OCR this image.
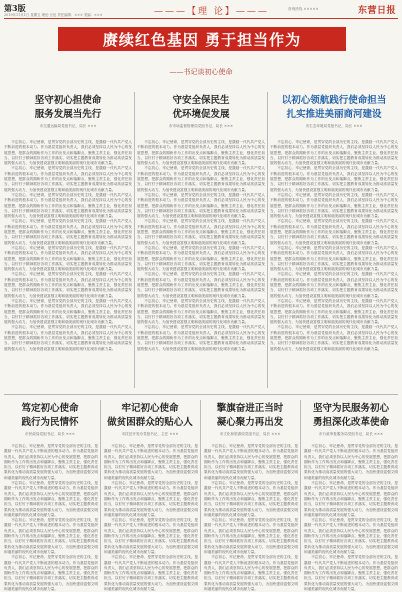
第3版
2019年11月1日 星期五 理论·言论 责任编辑：××× 美编：×××	———【理 论】———	咨询热线 ×××××	东营日报
赓续红色基因 勇于担当作为
——书记谈初心使命
坚守初心担使命
服务发展当先行
市交通运输局党组书记、局长 ×××
守安全保民生
优环境促发展
市市场监督管理局党组书记、局长 ×××
以初心领航践行使命担当
扎实推进美丽商河建设
市生态环境局党组书记、局长 ×××

不忘初心、牢记使命，是贯穿党的全部历史的主线，是激励一代代共产党人不断前进的根本动力。作为基层党组织负责人，我们必须坚持以人民为中心的发展思想，把群众的期盼作为工作的出发点和落脚点，聚焦主责主业，强化责任担当，以钉钉子精神抓好各项工作落实，切实把主题教育成果转化为推动高质量发展的强大动力，为加快建设富强文明和谐美丽的现代化城市贡献力量。

不忘初心、牢记使命，是贯穿党的全部历史的主线，是激励一代代共产党人不断前进的根本动力。作为基层党组织负责人，我们必须坚持以人民为中心的发展思想，把群众的期盼作为工作的出发点和落脚点，聚焦主责主业，强化责任担当，以钉钉子精神抓好各项工作落实，切实把主题教育成果转化为推动高质量发展的强大动力，为加快建设富强文明和谐美丽的现代化城市贡献力量。

不忘初心、牢记使命，是贯穿党的全部历史的主线，是激励一代代共产党人不断前进的根本动力。作为基层党组织负责人，我们必须坚持以人民为中心的发展思想，把群众的期盼作为工作的出发点和落脚点，聚焦主责主业，强化责任担当，以钉钉子精神抓好各项工作落实，切实把主题教育成果转化为推动高质量发展的强大动力，为加快建设富强文明和谐美丽的现代化城市贡献力量。

不忘初心、牢记使命，是贯穿党的全部历史的主线，是激励一代代共产党人不断前进的根本动力。作为基层党组织负责人，我们必须坚持以人民为中心的发展思想，把群众的期盼作为工作的出发点和落脚点，聚焦主责主业，强化责任担当，以钉钉子精神抓好各项工作落实，切实把主题教育成果转化为推动高质量发展的强大动力，为加快建设富强文明和谐美丽的现代化城市贡献力量。

不忘初心、牢记使命，是贯穿党的全部历史的主线，是激励一代代共产党人不断前进的根本动力。作为基层党组织负责人，我们必须坚持以人民为中心的发展思想，把群众的期盼作为工作的出发点和落脚点，聚焦主责主业，强化责任担当，以钉钉子精神抓好各项工作落实，切实把主题教育成果转化为推动高质量发展的强大动力，为加快建设富强文明和谐美丽的现代化城市贡献力量。

不忘初心、牢记使命，是贯穿党的全部历史的主线，是激励一代代共产党人不断前进的根本动力。作为基层党组织负责人，我们必须坚持以人民为中心的发展思想，把群众的期盼作为工作的出发点和落脚点，聚焦主责主业，强化责任担当，以钉钉子精神抓好各项工作落实，切实把主题教育成果转化为推动高质量发展的强大动力，为加快建设富强文明和谐美丽的现代化城市贡献力量。

不忘初心、牢记使命，是贯穿党的全部历史的主线，是激励一代代共产党人不断前进的根本动力。作为基层党组织负责人，我们必须坚持以人民为中心的发展思想，把群众的期盼作为工作的出发点和落脚点，聚焦主责主业，强化责任担当，以钉钉子精神抓好各项工作落实，切实把主题教育成果转化为推动高质量发展的强大动力，为加快建设富强文明和谐美丽的现代化城市贡献力量。

不忘初心、牢记使命，是贯穿党的全部历史的主线，是激励一代代共产党人不断前进的根本动力。作为基层党组织负责人，我们必须坚持以人民为中心的发展思想，把群众的期盼作为工作的出发点和落脚点，聚焦主责主业，强化责任担当，以钉钉子精神抓好各项工作落实，切实把主题教育成果转化为推动高质量发展的强大动力，为加快建设富强文明和谐美丽的现代化城市贡献力量。

不忘初心、牢记使命，是贯穿党的全部历史的主线，是激励一代代共产党人不断前进的根本动力。作为基层党组织负责人，我们必须坚持以人民为中心的发展思想，把群众的期盼作为工作的出发点和落脚点，聚焦主责主业，强化责任担当，以钉钉子精神抓好各项工作落实，切实把主题教育成果转化为推动高质量发展的强大动力，为加快建设富强文明和谐美丽的现代化城市贡献力量。

不忘初心、牢记使命，是贯穿党的全部历史的主线，是激励一代代共产党人不断前进的根本动力。作为基层党组织负责人，我们必须坚持以人民为中心的发展思想，把群众的期盼作为工作的出发点和落脚点，聚焦主责主业，强化责任担当，以钉钉子精神抓好各项工作落实，切实把主题教育成果转化为推动高质量发展的强大动力，为加快建设富强文明和谐美丽的现代化城市贡献力量。

不忘初心、牢记使命，是贯穿党的全部历史的主线，是激励一代代共产党人不断前进的根本动力。作为基层党组织负责人，我们必须坚持以人民为中心的发展思想，把群众的期盼作为工作的出发点和落脚点，聚焦主责主业，强化责任担当，以钉钉子精神抓好各项工作落实，切实把主题教育成果转化为推动高质量发展的强大动力，为加快建设富强文明和谐美丽的现代化城市贡献力量。

不忘初心、牢记使命，是贯穿党的全部历史的主线，是激励一代代共产党人不断前进的根本动力。作为基层党组织负责人，我们必须坚持以人民为中心的发展思想，把群众的期盼作为工作的出发点和落脚点，聚焦主责主业，强化责任担当，以钉钉子精神抓好各项工作落实，切实把主题教育成果转化为推动高质量发展的强大动力，为加快建设富强文明和谐美丽的现代化城市贡献力量。

不忘初心、牢记使命，是贯穿党的全部历史的主线，是激励一代代共产党人不断前进的根本动力。作为基层党组织负责人，我们必须坚持以人民为中心的发展思想，把群众的期盼作为工作的出发点和落脚点，聚焦主责主业，强化责任担当，以钉钉子精神抓好各项工作落实，切实把主题教育成果转化为推动高质量发展的强大动力，为加快建设富强文明和谐美丽的现代化城市贡献力量。

不忘初心、牢记使命，是贯穿党的全部历史的主线，是激励一代代共产党人不断前进的根本动力。作为基层党组织负责人，我们必须坚持以人民为中心的发展思想，把群众的期盼作为工作的出发点和落脚点，聚焦主责主业，强化责任担当，以钉钉子精神抓好各项工作落实，切实把主题教育成果转化为推动高质量发展的强大动力，为加快建设富强文明和谐美丽的现代化城市贡献力量。

不忘初心、牢记使命，是贯穿党的全部历史的主线，是激励一代代共产党人不断前进的根本动力。作为基层党组织负责人，我们必须坚持以人民为中心的发展思想，把群众的期盼作为工作的出发点和落脚点，聚焦主责主业，强化责任担当，以钉钉子精神抓好各项工作落实，切实把主题教育成果转化为推动高质量发展的强大动力，为加快建设富强文明和谐美丽的现代化城市贡献力量。

不忘初心、牢记使命，是贯穿党的全部历史的主线，是激励一代代共产党人不断前进的根本动力。作为基层党组织负责人，我们必须坚持以人民为中心的发展思想，把群众的期盼作为工作的出发点和落脚点，聚焦主责主业，强化责任担当，以钉钉子精神抓好各项工作落实，切实把主题教育成果转化为推动高质量发展的强大动力，为加快建设富强文明和谐美丽的现代化城市贡献力量。

不忘初心、牢记使命，是贯穿党的全部历史的主线，是激励一代代共产党人不断前进的根本动力。作为基层党组织负责人，我们必须坚持以人民为中心的发展思想，把群众的期盼作为工作的出发点和落脚点，聚焦主责主业，强化责任担当，以钉钉子精神抓好各项工作落实，切实把主题教育成果转化为推动高质量发展的强大动力，为加快建设富强文明和谐美丽的现代化城市贡献力量。

不忘初心、牢记使命，是贯穿党的全部历史的主线，是激励一代代共产党人不断前进的根本动力。作为基层党组织负责人，我们必须坚持以人民为中心的发展思想，把群众的期盼作为工作的出发点和落脚点，聚焦主责主业，强化责任担当，以钉钉子精神抓好各项工作落实，切实把主题教育成果转化为推动高质量发展的强大动力，为加快建设富强文明和谐美丽的现代化城市贡献力量。

不忘初心、牢记使命，是贯穿党的全部历史的主线，是激励一代代共产党人不断前进的根本动力。作为基层党组织负责人，我们必须坚持以人民为中心的发展思想，把群众的期盼作为工作的出发点和落脚点，聚焦主责主业，强化责任担当，以钉钉子精神抓好各项工作落实，切实把主题教育成果转化为推动高质量发展的强大动力，为加快建设富强文明和谐美丽的现代化城市贡献力量。

不忘初心、牢记使命，是贯穿党的全部历史的主线，是激励一代代共产党人不断前进的根本动力。作为基层党组织负责人，我们必须坚持以人民为中心的发展思想，把群众的期盼作为工作的出发点和落脚点，聚焦主责主业，强化责任担当，以钉钉子精神抓好各项工作落实，切实把主题教育成果转化为推动高质量发展的强大动力，为加快建设富强文明和谐美丽的现代化城市贡献力量。

不忘初心、牢记使命，是贯穿党的全部历史的主线，是激励一代代共产党人不断前进的根本动力。作为基层党组织负责人，我们必须坚持以人民为中心的发展思想，把群众的期盼作为工作的出发点和落脚点，聚焦主责主业，强化责任担当，以钉钉子精神抓好各项工作落实，切实把主题教育成果转化为推动高质量发展的强大动力，为加快建设富强文明和谐美丽的现代化城市贡献力量。

不忘初心、牢记使命，是贯穿党的全部历史的主线，是激励一代代共产党人不断前进的根本动力。作为基层党组织负责人，我们必须坚持以人民为中心的发展思想，把群众的期盼作为工作的出发点和落脚点，聚焦主责主业，强化责任担当，以钉钉子精神抓好各项工作落实，切实把主题教育成果转化为推动高质量发展的强大动力，为加快建设富强文明和谐美丽的现代化城市贡献力量。

不忘初心、牢记使命，是贯穿党的全部历史的主线，是激励一代代共产党人不断前进的根本动力。作为基层党组织负责人，我们必须坚持以人民为中心的发展思想，把群众的期盼作为工作的出发点和落脚点，聚焦主责主业，强化责任担当，以钉钉子精神抓好各项工作落实，切实把主题教育成果转化为推动高质量发展的强大动力，为加快建设富强文明和谐美丽的现代化城市贡献力量。

不忘初心、牢记使命，是贯穿党的全部历史的主线，是激励一代代共产党人不断前进的根本动力。作为基层党组织负责人，我们必须坚持以人民为中心的发展思想，把群众的期盼作为工作的出发点和落脚点，聚焦主责主业，强化责任担当，以钉钉子精神抓好各项工作落实，切实把主题教育成果转化为推动高质量发展的强大动力，为加快建设富强文明和谐美丽的现代化城市贡献力量。

笃定初心使命
践行为民情怀
市民政局党组书记、局长 ×××
牢记初心使命
做贫困群众的贴心人
市扶贫开发办党组书记、主任 ×××
擎旗奋进正当时
凝心聚力再出发
市文化和旅游局党组书记、局长 ×××
坚守为民服务初心
勇担深化改革使命
市行政审批服务局党组书记、局长 ×××

不忘初心、牢记使命，是贯穿党的全部历史的主线，是激励一代代共产党人不断前进的根本动力。作为基层党组织负责人，我们必须坚持以人民为中心的发展思想，把群众的期盼作为工作的出发点和落脚点，聚焦主责主业，强化责任担当，以钉钉子精神抓好各项工作落实，切实把主题教育成果转化为推动高质量发展的强大动力，为加快建设富强文明和谐美丽的现代化城市贡献力量。

不忘初心、牢记使命，是贯穿党的全部历史的主线，是激励一代代共产党人不断前进的根本动力。作为基层党组织负责人，我们必须坚持以人民为中心的发展思想，把群众的期盼作为工作的出发点和落脚点，聚焦主责主业，强化责任担当，以钉钉子精神抓好各项工作落实，切实把主题教育成果转化为推动高质量发展的强大动力，为加快建设富强文明和谐美丽的现代化城市贡献力量。

不忘初心、牢记使命，是贯穿党的全部历史的主线，是激励一代代共产党人不断前进的根本动力。作为基层党组织负责人，我们必须坚持以人民为中心的发展思想，把群众的期盼作为工作的出发点和落脚点，聚焦主责主业，强化责任担当，以钉钉子精神抓好各项工作落实，切实把主题教育成果转化为推动高质量发展的强大动力，为加快建设富强文明和谐美丽的现代化城市贡献力量。

不忘初心、牢记使命，是贯穿党的全部历史的主线，是激励一代代共产党人不断前进的根本动力。作为基层党组织负责人，我们必须坚持以人民为中心的发展思想，把群众的期盼作为工作的出发点和落脚点，聚焦主责主业，强化责任担当，以钉钉子精神抓好各项工作落实，切实把主题教育成果转化为推动高质量发展的强大动力，为加快建设富强文明和谐美丽的现代化城市贡献力量。

不忘初心、牢记使命，是贯穿党的全部历史的主线，是激励一代代共产党人不断前进的根本动力。作为基层党组织负责人，我们必须坚持以人民为中心的发展思想，把群众的期盼作为工作的出发点和落脚点，聚焦主责主业，强化责任担当，以钉钉子精神抓好各项工作落实，切实把主题教育成果转化为推动高质量发展的强大动力，为加快建设富强文明和谐美丽的现代化城市贡献力量。

不忘初心、牢记使命，是贯穿党的全部历史的主线，是激励一代代共产党人不断前进的根本动力。作为基层党组织负责人，我们必须坚持以人民为中心的发展思想，把群众的期盼作为工作的出发点和落脚点，聚焦主责主业，强化责任担当，以钉钉子精神抓好各项工作落实，切实把主题教育成果转化为推动高质量发展的强大动力，为加快建设富强文明和谐美丽的现代化城市贡献力量。

不忘初心、牢记使命，是贯穿党的全部历史的主线，是激励一代代共产党人不断前进的根本动力。作为基层党组织负责人，我们必须坚持以人民为中心的发展思想，把群众的期盼作为工作的出发点和落脚点，聚焦主责主业，强化责任担当，以钉钉子精神抓好各项工作落实，切实把主题教育成果转化为推动高质量发展的强大动力，为加快建设富强文明和谐美丽的现代化城市贡献力量。

不忘初心、牢记使命，是贯穿党的全部历史的主线，是激励一代代共产党人不断前进的根本动力。作为基层党组织负责人，我们必须坚持以人民为中心的发展思想，把群众的期盼作为工作的出发点和落脚点，聚焦主责主业，强化责任担当，以钉钉子精神抓好各项工作落实，切实把主题教育成果转化为推动高质量发展的强大动力，为加快建设富强文明和谐美丽的现代化城市贡献力量。

不忘初心、牢记使命，是贯穿党的全部历史的主线，是激励一代代共产党人不断前进的根本动力。作为基层党组织负责人，我们必须坚持以人民为中心的发展思想，把群众的期盼作为工作的出发点和落脚点，聚焦主责主业，强化责任担当，以钉钉子精神抓好各项工作落实，切实把主题教育成果转化为推动高质量发展的强大动力，为加快建设富强文明和谐美丽的现代化城市贡献力量。

不忘初心、牢记使命，是贯穿党的全部历史的主线，是激励一代代共产党人不断前进的根本动力。作为基层党组织负责人，我们必须坚持以人民为中心的发展思想，把群众的期盼作为工作的出发点和落脚点，聚焦主责主业，强化责任担当，以钉钉子精神抓好各项工作落实，切实把主题教育成果转化为推动高质量发展的强大动力，为加快建设富强文明和谐美丽的现代化城市贡献力量。

不忘初心、牢记使命，是贯穿党的全部历史的主线，是激励一代代共产党人不断前进的根本动力。作为基层党组织负责人，我们必须坚持以人民为中心的发展思想，把群众的期盼作为工作的出发点和落脚点，聚焦主责主业，强化责任担当，以钉钉子精神抓好各项工作落实，切实把主题教育成果转化为推动高质量发展的强大动力，为加快建设富强文明和谐美丽的现代化城市贡献力量。

不忘初心、牢记使命，是贯穿党的全部历史的主线，是激励一代代共产党人不断前进的根本动力。作为基层党组织负责人，我们必须坚持以人民为中心的发展思想，把群众的期盼作为工作的出发点和落脚点，聚焦主责主业，强化责任担当，以钉钉子精神抓好各项工作落实，切实把主题教育成果转化为推动高质量发展的强大动力，为加快建设富强文明和谐美丽的现代化城市贡献力量。

不忘初心、牢记使命，是贯穿党的全部历史的主线，是激励一代代共产党人不断前进的根本动力。作为基层党组织负责人，我们必须坚持以人民为中心的发展思想，把群众的期盼作为工作的出发点和落脚点，聚焦主责主业，强化责任担当，以钉钉子精神抓好各项工作落实，切实把主题教育成果转化为推动高质量发展的强大动力，为加快建设富强文明和谐美丽的现代化城市贡献力量。

不忘初心、牢记使命，是贯穿党的全部历史的主线，是激励一代代共产党人不断前进的根本动力。作为基层党组织负责人，我们必须坚持以人民为中心的发展思想，把群众的期盼作为工作的出发点和落脚点，聚焦主责主业，强化责任担当，以钉钉子精神抓好各项工作落实，切实把主题教育成果转化为推动高质量发展的强大动力，为加快建设富强文明和谐美丽的现代化城市贡献力量。

不忘初心、牢记使命，是贯穿党的全部历史的主线，是激励一代代共产党人不断前进的根本动力。作为基层党组织负责人，我们必须坚持以人民为中心的发展思想，把群众的期盼作为工作的出发点和落脚点，聚焦主责主业，强化责任担当，以钉钉子精神抓好各项工作落实，切实把主题教育成果转化为推动高质量发展的强大动力，为加快建设富强文明和谐美丽的现代化城市贡献力量。

不忘初心、牢记使命，是贯穿党的全部历史的主线，是激励一代代共产党人不断前进的根本动力。作为基层党组织负责人，我们必须坚持以人民为中心的发展思想，把群众的期盼作为工作的出发点和落脚点，聚焦主责主业，强化责任担当，以钉钉子精神抓好各项工作落实，切实把主题教育成果转化为推动高质量发展的强大动力，为加快建设富强文明和谐美丽的现代化城市贡献力量。
